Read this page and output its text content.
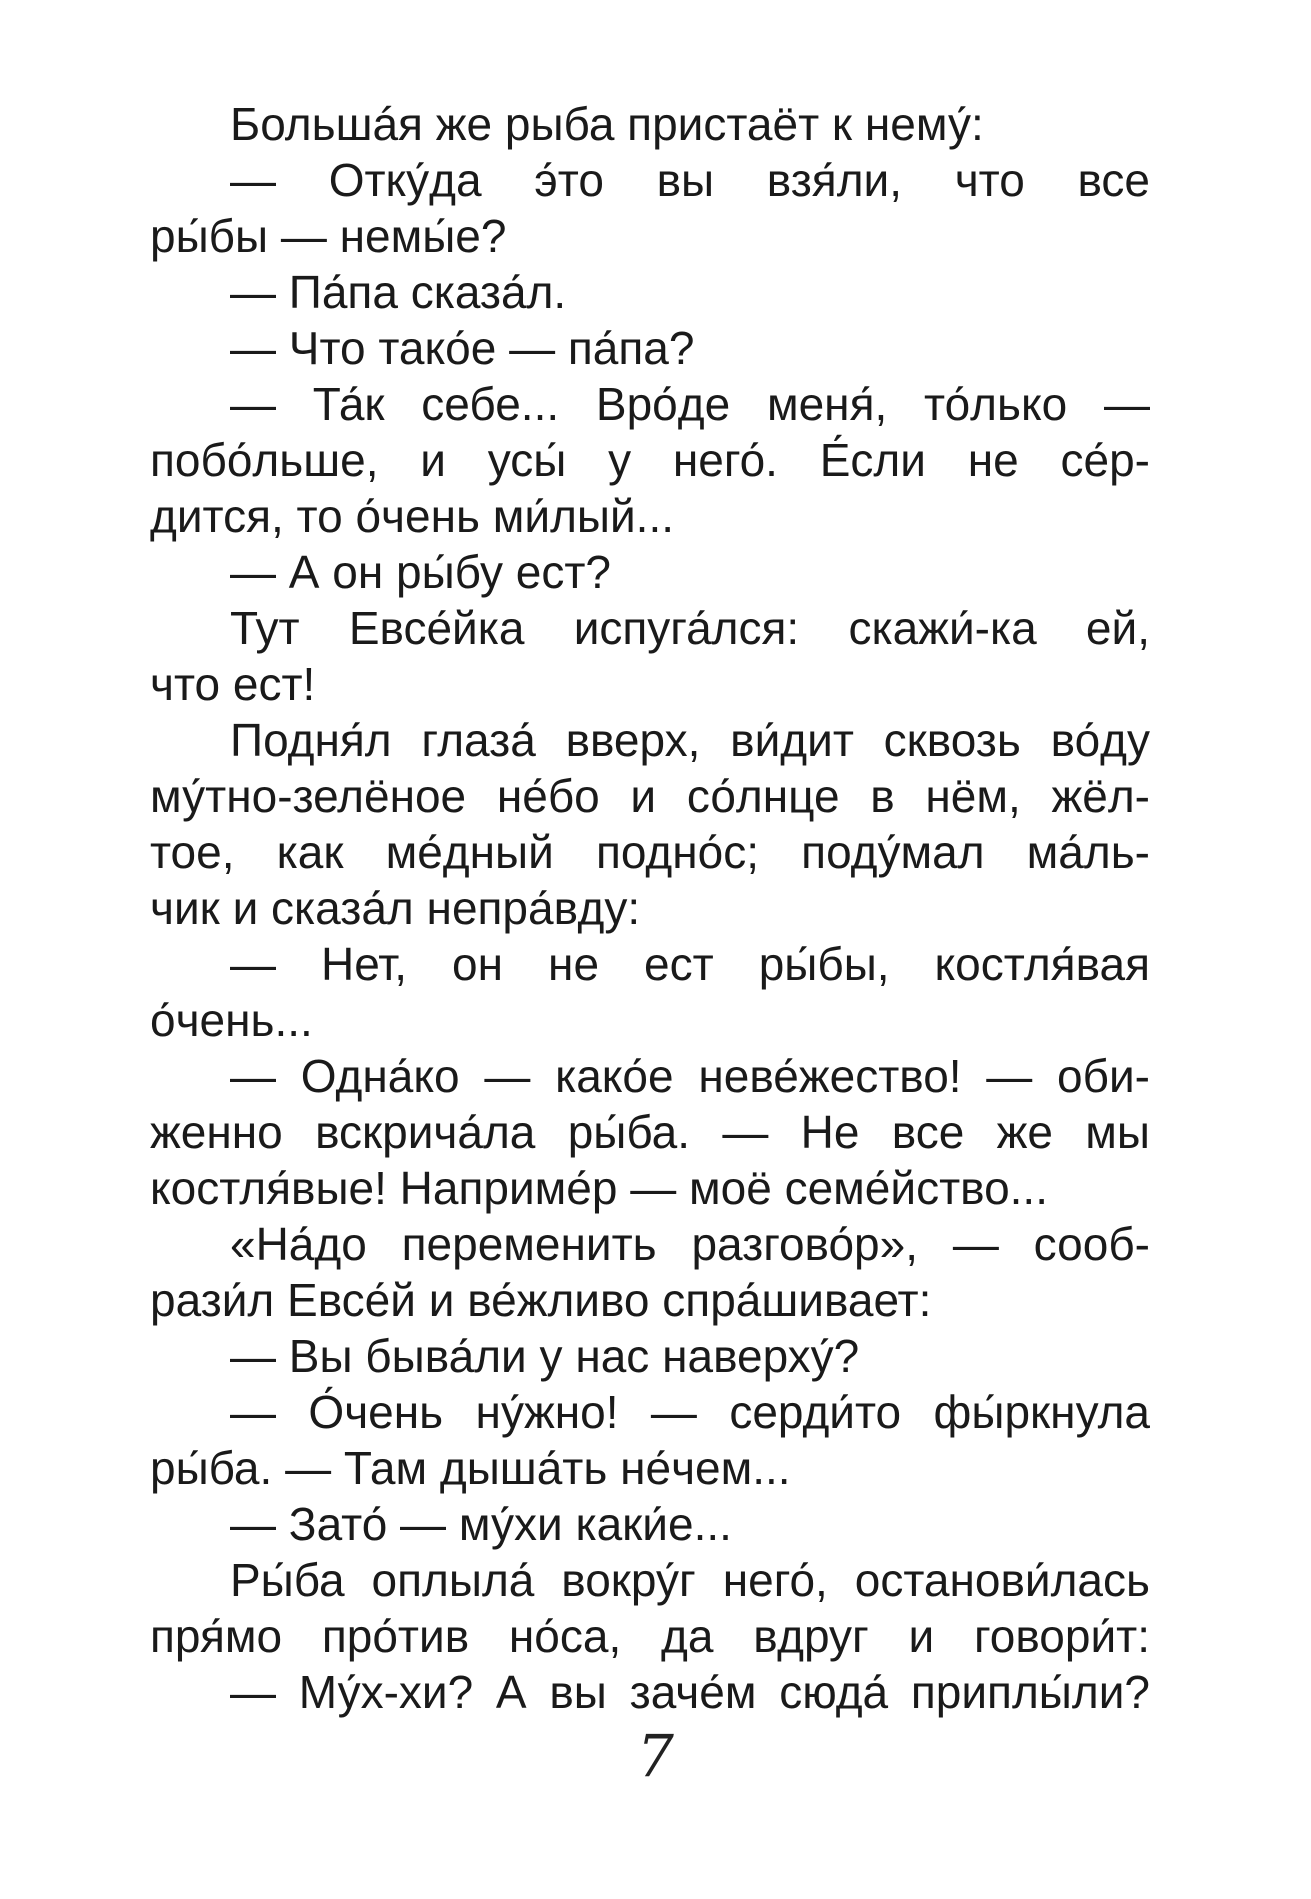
Большáя же рыба пристаёт к нему́:
— Отку́да э́то вы взя́ли, что все
ры́бы — немы́е?
— Па́па сказа́л.
— Что тако́е — па́па?
— Та́к себе... Вро́де меня́, то́лько —
побо́льше, и усы́ у него́. Е́сли не се́р-
дится, то о́чень ми́лый...
— А он ры́бу ест?
Тут Евсе́йка испуга́лся: скажи́-ка ей,
что ест!
Подня́л глаза́ вверх, ви́дит сквозь во́ду
му́тно-зелёное не́бо и со́лнце в нём, жёл-
тое, как ме́дный подно́с; поду́мал ма́ль-
чик и сказа́л непра́вду:
— Нет, он не ест ры́бы, костля́вая
о́чень...
— Одна́ко — како́е неве́жество! — оби-
женно вскрича́ла ры́ба. — Не все же мы
костля́вые! Наприме́р — моё семе́йство...
«На́до переменить разгово́р», — сооб-
рази́л Евсе́й и ве́жливо спра́шивает:
— Вы быва́ли у нас наверху́?
— О́чень ну́жно! — серди́то фы́ркнула
ры́ба. — Там дыша́ть не́чем...
— Зато́ — му́хи каки́е...
Ры́ба оплыла́ вокру́г него́, останови́лась
пря́мо про́тив но́са, да вдруг и говори́т:
— Му́х-хи? А вы заче́м сюда́ приплы́ли?
7
